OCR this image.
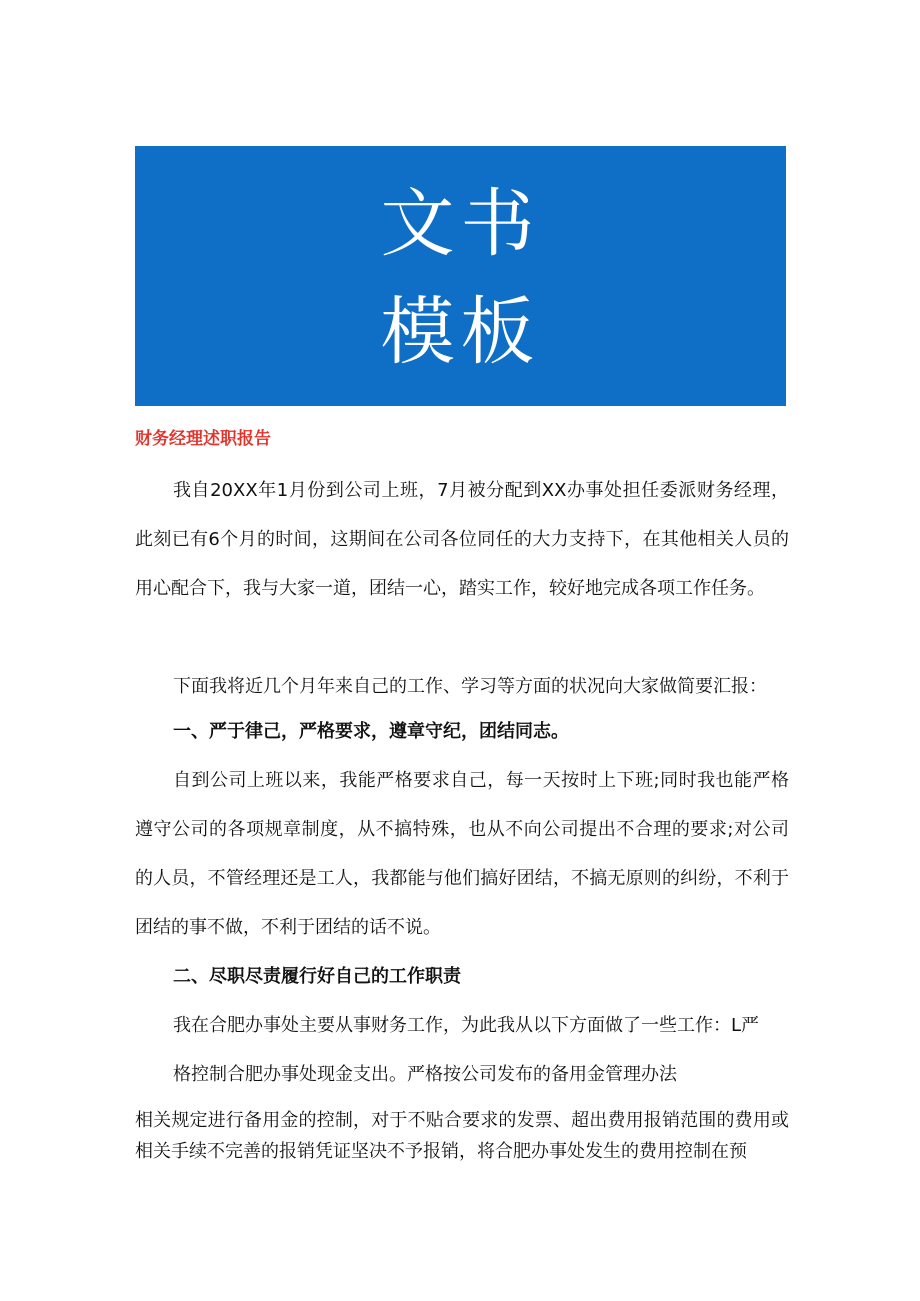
文书
模板
财务经理述职报告

我自20XX年1月份到公司上班，7月被分配到XX办事处担任委派财务经理，此刻已有6个月的时间，这期间在公司各位同任的大力支持下，在其他相关人员的用心配合下，我与大家一道，团结一心，踏实工作，较好地完成各项工作任务。

下面我将近几个月年来自己的工作、学习等方面的状况向大家做简要汇报：

一、严于律己，严格要求，遵章守纪，团结同志。

自到公司上班以来，我能严格要求自己，每一天按时上下班;同时我也能严格遵守公司的各项规章制度，从不搞特殊，也从不向公司提出不合理的要求;对公司的人员，不管经理还是工人，我都能与他们搞好团结，不搞无原则的纠纷，不利于团结的事不做，不利于团结的话不说。

二、尽职尽责履行好自己的工作职责

我在合肥办事处主要从事财务工作，为此我从以下方面做了一些工作：L严

格控制合肥办事处现金支出。严格按公司发布的备用金管理办法

相关规定进行备用金的控制，对于不贴合要求的发票、超出费用报销范围的费用或相关手续不完善的报销凭证坚决不予报销，将合肥办事处发生的费用控制在预
